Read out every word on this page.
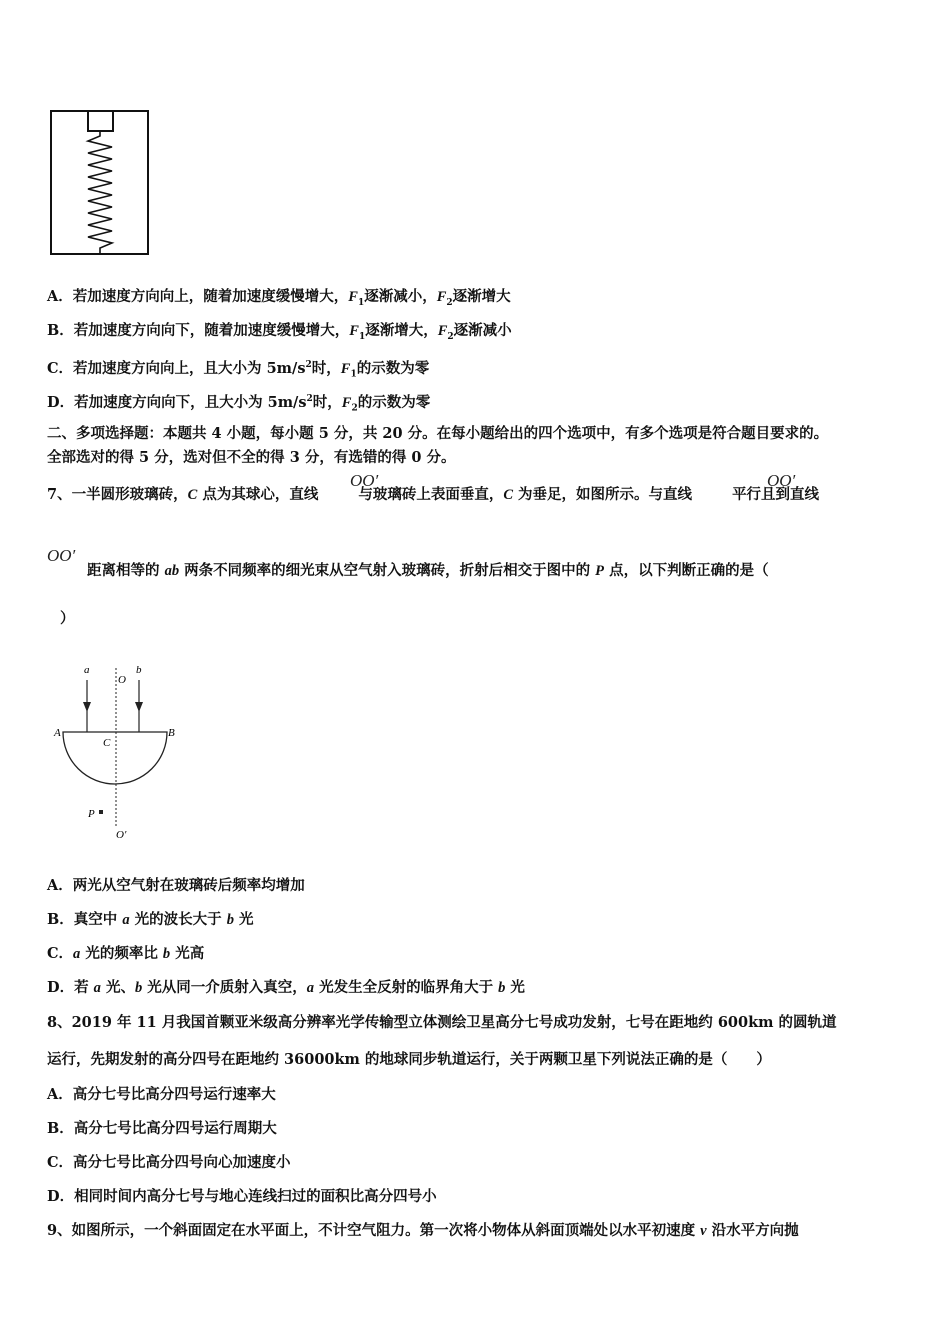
A．若加速度方向向上，随着加速度缓慢增大，$F_1$逐渐减小，$F_2$逐渐增大
B．若加速度方向向下，随着加速度缓慢增大，$F_1$逐渐增大，$F_2$逐渐减小
C．若加速度方向向上，且大小为 $5m/s^2$时，$F_1$的示数为零
D．若加速度方向向下，且大小为 $5m/s^2$时，$F_2$的示数为零
二、多项选择题：本题共 4 小题，每小题 5 分，共 20 分。在每小题给出的四个选项中，有多个选项是符合题目要求的。
全部选对的得 5 分，选对但不全的得 3 分，有选错的得 0 分。
7、一半圆形玻璃砖，C 点为其球心，直线	与玻璃砖上表面垂直，C 为垂足，如图所示。与直线	平行且到直线
OO′	OO′
OO′
距离相等的 ab 两条不同频率的细光束从空气射入玻璃砖，折射后相交于图中的 P 点，以下判断正确的是（
）
a	b
O
A	B
C
P
O′
A．两光从空气射在玻璃砖后频率均增加
B．真空中 a 光的波长大于 b 光
C．a 光的频率比 b 光高
D．若 a 光、b 光从同一介质射入真空，a 光发生全反射的临界角大于 b 光
8、2019 年 11 月我国首颗亚米级高分辨率光学传输型立体测绘卫星高分七号成功发射，七号在距地约 600km 的圆轨道
运行，先期发射的高分四号在距地约 36000km 的地球同步轨道运行，关于两颗卫星下列说法正确的是（　　）
A．高分七号比高分四号运行速率大
B．高分七号比高分四号运行周期大
C．高分七号比高分四号向心加速度小
D．相同时间内高分七号与地心连线扫过的面积比高分四号小
9、如图所示，一个斜面固定在水平面上，不计空气阻力。第一次将小物体从斜面顶端处以水平初速度 v 沿水平方向抛
